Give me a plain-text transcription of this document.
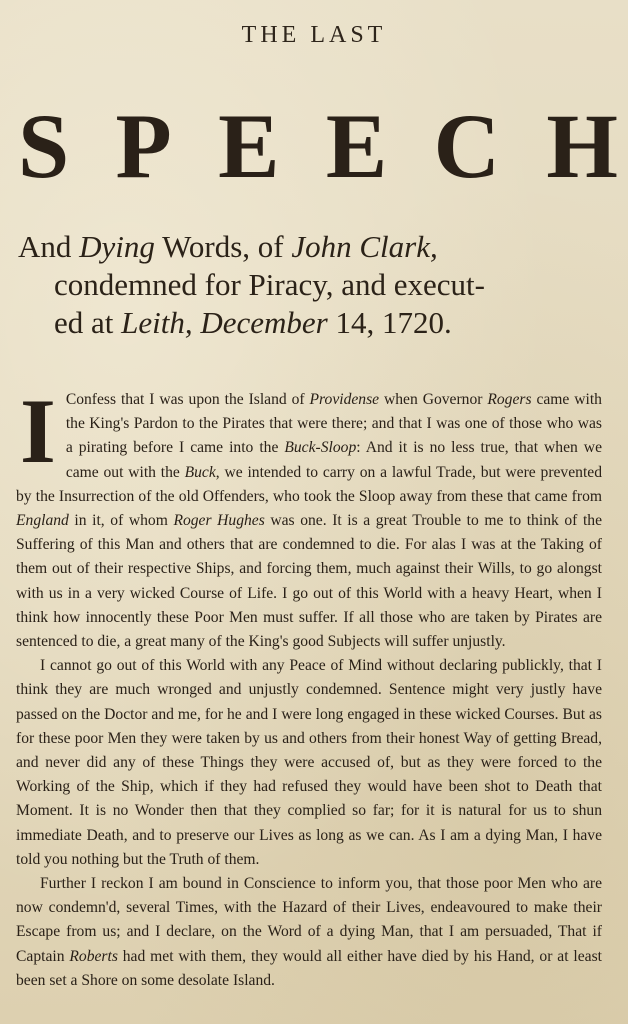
THE LAST
S P E E C H
And Dying Words, of John Clark,
condemned for Piracy, and execut-
ed at Leith, December 14, 1720.

I Confess that I was upon the Island of Providense when Governor Rogers came with the King's Pardon to the Pirates that were there; and that I was one of those who was a pirating before I came into the Buck-Sloop: And it is no less true, that when we came out with the Buck, we intended to carry on a lawful Trade, but were prevented by the Insurrection of the old Offenders, who took the Sloop away from these that came from England in it, of whom Roger Hughes was one. It is a great Trouble to me to think of the Suffering of this Man and others that are condemned to die. For alas I was at the Taking of them out of their respective Ships, and forcing them, much against their Wills, to go alongst with us in a very wicked Course of Life. I go out of this World with a heavy Heart, when I think how innocently these Poor Men must suffer. If all those who are taken by Pirates are sentenced to die, a great many of the King's good Subjects will suffer unjustly.

I cannot go out of this World with any Peace of Mind without declaring publickly, that I think they are much wronged and unjustly condemned. Sentence might very justly have passed on the Doctor and me, for he and I were long engaged in these wicked Courses. But as for these poor Men they were taken by us and others from their honest Way of getting Bread, and never did any of these Things they were accused of, but as they were forced to the Working of the Ship, which if they had refused they would have been shot to Death that Moment. It is no Wonder then that they complied so far; for it is natural for us to shun immediate Death, and to preserve our Lives as long as we can. As I am a dying Man, I have told you nothing but the Truth of them.

Further I reckon I am bound in Conscience to inform you, that those poor Men who are now condemn'd, several Times, with the Hazard of their Lives, endeavoured to make their Escape from us; and I declare, on the Word of a dying Man, that I am persuaded, That if Captain Roberts had met with them, they would all either have died by his Hand, or at least been set a Shore on some desolate Island.
